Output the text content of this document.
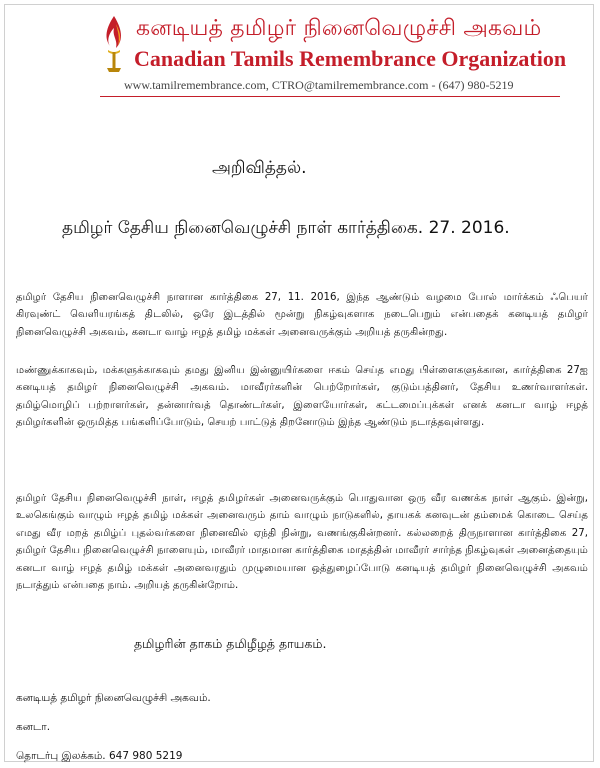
கனடியத் தமிழர் நினைவெழுச்சி அகவம்
Canadian Tamils Remembrance Organization
www.tamilremembrance.com, CTRO@tamilremembrance.com - (647) 980-5219
அறிவித்தல்.
தமிழர் தேசிய நினைவெழுச்சி நாள் கார்த்திகை. 27. 2016.

தமிழர் தேசிய நினைவெழுச்சி நாளான கார்த்திகை 27, 11. 2016, இந்த ஆண்டும் வழமை போல் மார்க்கம் ஃபெயர் கிரவுண்ட் வெளியரங்கத் திடலில், ஒரே இடத்தில் மூன்று நிகழ்வுகளாக நடைபெறும் என்பதைக் கனடியத் தமிழர் நினைவெழுச்சி அகவம், கனடா வாழ் ஈழத் தமிழ் மக்கள் அனைவருக்கும் அறியத் தருகின்றது.

மண்ணுக்காகவும், மக்களுக்காகவும் தமது இனிய இன்னுயிர்களை ஈகம் செய்த எமது பிள்ளைகளுக்கான, கார்த்திகை 27ஐ கனடியத் தமிழர் நினைவெழுச்சி அகவம். மாவீரர்களின் பெற்றோர்கள், குடும்பத்தினர், தேசிய உணர்வாளர்கள். தமிழ்மொழிப் பற்றாளர்கள், தன்னார்வத் தொண்டர்கள், இளையோர்கள், கட்டமைப்புக்கள் எனக் கனடா வாழ் ஈழத் தமிழர்களின் ஒருமித்த பங்களிப்போடும், செயற் பாட்டுத் திறனோடும் இந்த ஆண்டும் நடாத்தவுள்ளது.

தமிழர் தேசிய நினைவெழுச்சி நாள், ஈழத் தமிழர்கள் அனைவருக்கும் பொதுவான ஒரு வீர வணக்க நாள் ஆகும். இன்று, உலகெங்கும் வாழும் ஈழத் தமிழ் மக்கள் அனைவரும் தாம் வாழும் நாடுகளில், தாயகக் கனவுடன் தம்மைக் கொடை செய்த எமது வீர மறத் தமிழ்ப் புதல்வர்களை நினைவில் ஏந்தி நின்று, வணங்குகின்றனர். கல்லறைத் திருநாளான கார்த்திகை 27, தமிழர் தேசிய நினைவெழுச்சி நாளையும், மாவீரர் மாதமான கார்த்திகை மாதத்தின் மாவீரர் சார்ந்த நிகழ்வுகள் அனைத்தையும் கனடா வாழ் ஈழத் தமிழ் மக்கள் அனைவரதும் முழுமையான ஒத்துழைப்போடு கனடியத் தமிழர் நினைவெழுச்சி அகவம் நடாத்தும் என்பதை நாம். அறியத் தருகின்றோம்.

தமிழரின் தாகம் தமிழீழத் தாயகம்.
கனடியத் தமிழர் நினைவெழுச்சி அகவம்.
கனடா.
தொடர்பு இலக்கம். 647 980 5219
